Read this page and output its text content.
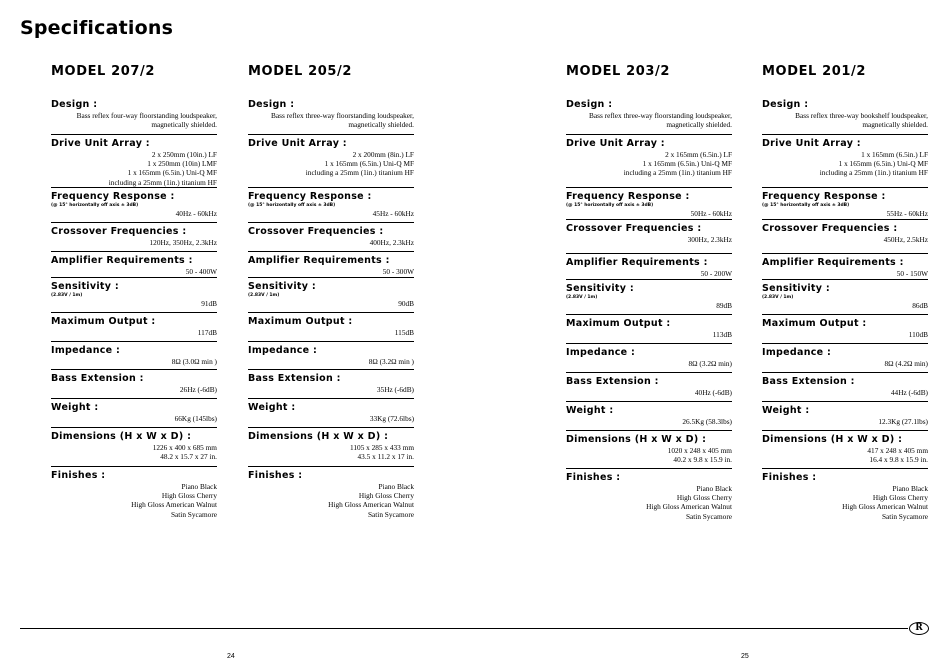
Specifications
MODEL 207/2
Design :
Bass reflex four-way floorstanding loudspeaker,
magnetically shielded.
Drive Unit Array :
2 x 250mm (10in.) LF
1 x 250mm (10in) LMF
1 x 165mm (6.5in.) Uni-Q MF
including a 25mm (1in.) titanium HF
Frequency Response :
(@ 15° horizontally off axis ± 3dB)
40Hz - 60kHz
Crossover Frequencies :
120Hz, 350Hz, 2.3kHz
Amplifier Requirements :
50 - 400W
Sensitivity :
(2.83V / 1m)
91dB
Maximum Output :
117dB
Impedance :
8Ω (3.0Ω min )
Bass Extension :
26Hz (-6dB)
Weight :
66Kg (145lbs)
Dimensions (H x W x D) :
1226 x 400 x 685 mm
48.2 x 15.7 x 27 in.
Finishes :
Piano Black
High Gloss Cherry
High Gloss American Walnut
Satin Sycamore
MODEL 205/2
Design :
Bass reflex three-way floorstanding loudspeaker,
magnetically shielded.
Drive Unit Array :
2 x 200mm (8in.) LF
1 x 165mm (6.5in.) Uni-Q MF
including a 25mm (1in.) titanium HF
Frequency Response :
(@ 15° horizontally off axis ± 3dB)
45Hz - 60kHz
Crossover Frequencies :
400Hz, 2.3kHz
Amplifier Requirements :
50 - 300W
Sensitivity :
(2.83V / 1m)
90dB
Maximum Output :
115dB
Impedance :
8Ω (3.2Ω min )
Bass Extension :
35Hz (-6dB)
Weight :
33Kg (72.6lbs)
Dimensions (H x W x D) :
1105 x 285 x 433 mm
43.5 x 11.2 x 17 in.
Finishes :
Piano Black
High Gloss Cherry
High Gloss American Walnut
Satin Sycamore
MODEL 203/2
Design :
Bass reflex three-way floorstanding loudspeaker,
magnetically shielded.
Drive Unit Array :
2 x 165mm (6.5in.) LF
1 x 165mm (6.5in.) Uni-Q MF
including a 25mm (1in.) titanium HF
Frequency Response :
(@ 15° horizontally off axis ± 3dB)
50Hz - 60kHz
Crossover Frequencies :
300Hz, 2.3kHz
Amplifier Requirements :
50 - 200W
Sensitivity :
(2.83V / 1m)
89dB
Maximum Output :
113dB
Impedance :
8Ω (3.2Ω min)
Bass Extension :
40Hz (-6dB)
Weight :
26.5Kg (58.3lbs)
Dimensions (H x W x D) :
1020 x 248 x 405 mm
40.2 x 9.8 x 15.9 in.
Finishes :
Piano Black
High Gloss Cherry
High Gloss American Walnut
Satin Sycamore
MODEL 201/2
Design :
Bass reflex three-way bookshelf loudspeaker,
magnetically shielded.
Drive Unit Array :
1 x 165mm (6.5in.) LF
1 x 165mm (6.5in.) Uni-Q MF
including a 25mm (1in.) titanium HF
Frequency Response :
(@ 15° horizontally off axis ± 3dB)
55Hz - 60kHz
Crossover Frequencies :
450Hz, 2.5kHz
Amplifier Requirements :
50 - 150W
Sensitivity :
(2.83V / 1m)
86dB
Maximum Output :
110dB
Impedance :
8Ω (4.2Ω min)
Bass Extension :
44Hz (-6dB)
Weight :
12.3Kg (27.1lbs)
Dimensions (H x W x D) :
417 x 248 x 405 mm
16.4 x 9.8 x 15.9 in.
Finishes :
Piano Black
High Gloss Cherry
High Gloss American Walnut
Satin Sycamore
R
24	25
